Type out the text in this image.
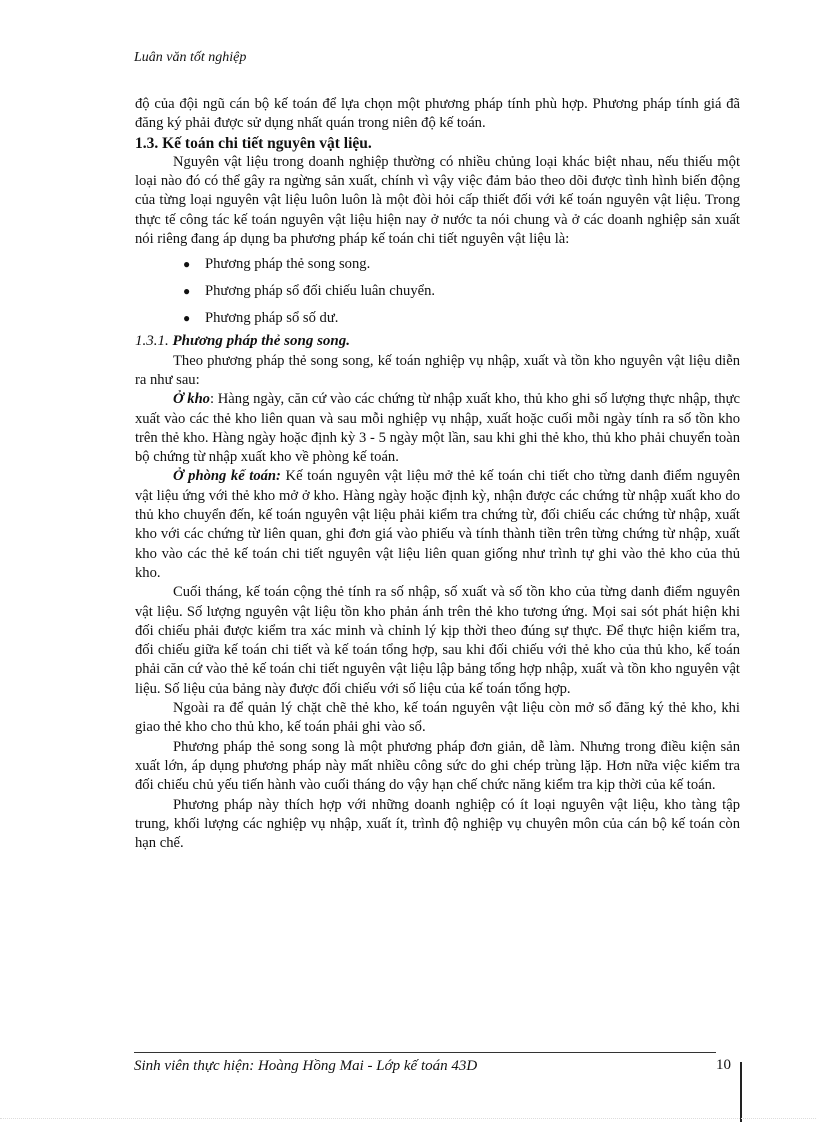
Luân văn tốt nghiệp

độ của đội ngũ cán bộ kế toán để lựa chọn một phương pháp tính phù hợp. Phương pháp tính giá đã đăng ký phải được sử dụng nhất quán trong niên độ kế toán.

1.3. Kế toán chi tiết nguyên vật liệu.

Nguyên vật liệu trong doanh nghiệp thường có nhiều chủng loại khác biệt nhau, nếu thiếu một loại nào đó có thể gây ra ngừng sản xuất, chính vì vậy việc đảm bảo theo dõi được tình hình biến động của từng loại nguyên vật liệu luôn luôn là một đòi hỏi cấp thiết đối với kế toán nguyên vật liệu. Trong thực tế công tác kế toán nguyên vật liệu hiện nay ở nước ta nói chung và ở các doanh nghiệp sản xuất nói riêng đang áp dụng ba phương pháp kế toán chi tiết nguyên vật liệu là:

● Phương pháp thẻ song song.
● Phương pháp sổ đối chiếu luân chuyển.
● Phương pháp sổ số dư.

1.3.1. Phương pháp thẻ song song.

Theo phương pháp thẻ song song, kế toán nghiệp vụ nhập, xuất và tồn kho nguyên vật liệu diễn ra như sau:

Ở kho: Hàng ngày, căn cứ vào các chứng từ nhập xuất kho, thủ kho ghi số lượng thực nhập, thực xuất vào các thẻ kho liên quan và sau mỗi nghiệp vụ nhập, xuất hoặc cuối mỗi ngày tính ra số tồn kho trên thẻ kho. Hàng ngày hoặc định kỳ 3 - 5 ngày một lần, sau khi ghi thẻ kho, thủ kho phải chuyển toàn bộ chứng từ nhập xuất kho về phòng kế toán.

Ở phòng kế toán: Kế toán nguyên vật liệu mở thẻ kế toán chi tiết cho từng danh điểm nguyên vật liệu ứng với thẻ kho mở ở kho. Hàng ngày hoặc định kỳ, nhận được các chứng từ nhập xuất kho do thủ kho chuyển đến, kế toán nguyên vật liệu phải kiểm tra chứng từ, đối chiếu các chứng từ nhập, xuất kho với các chứng từ liên quan, ghi đơn giá vào phiếu và tính thành tiền trên từng chứng từ nhập, xuất kho vào các thẻ kế toán chi tiết nguyên vật liệu liên quan giống như trình tự ghi vào thẻ kho của thủ kho.

Cuối tháng, kế toán cộng thẻ tính ra số nhập, số xuất và số tồn kho của từng danh điểm nguyên vật liệu. Số lượng nguyên vật liệu tồn kho phản ánh trên thẻ kho tương ứng. Mọi sai sót phát hiện khi đối chiếu phải được kiểm tra xác minh và chỉnh lý kịp thời theo đúng sự thực. Để thực hiện kiểm tra, đối chiếu giữa kế toán chi tiết và kế toán tổng hợp, sau khi đối chiếu với thẻ kho của thủ kho, kế toán phải căn cứ vào thẻ kế toán chi tiết nguyên vật liệu lập bảng tổng hợp nhập, xuất và tồn kho nguyên vật liệu. Số liệu của bảng này được đối chiếu với số liệu của kế toán tổng hợp.

Ngoài ra để quản lý chặt chẽ thẻ kho, kế toán nguyên vật liệu còn mở sổ đăng ký thẻ kho, khi giao thẻ kho cho thủ kho, kế toán phải ghi vào sổ.

Phương pháp thẻ song song là một phương pháp đơn giản, dễ làm. Nhưng trong điều kiện sản xuất lớn, áp dụng phương pháp này mất nhiều công sức do ghi chép trùng lặp. Hơn nữa việc kiểm tra đối chiếu chủ yếu tiến hành vào cuối tháng do vậy hạn chế chức năng kiểm tra kịp thời của kế toán.

Phương pháp này thích hợp với những doanh nghiệp có ít loại nguyên vật liệu, kho tàng tập trung, khối lượng các nghiệp vụ nhập, xuất ít, trình độ nghiệp vụ chuyên môn của cán bộ kế toán còn hạn chế.

Sinh viên thực hiện: Hoàng Hồng Mai - Lớp kế toán 43D	10
